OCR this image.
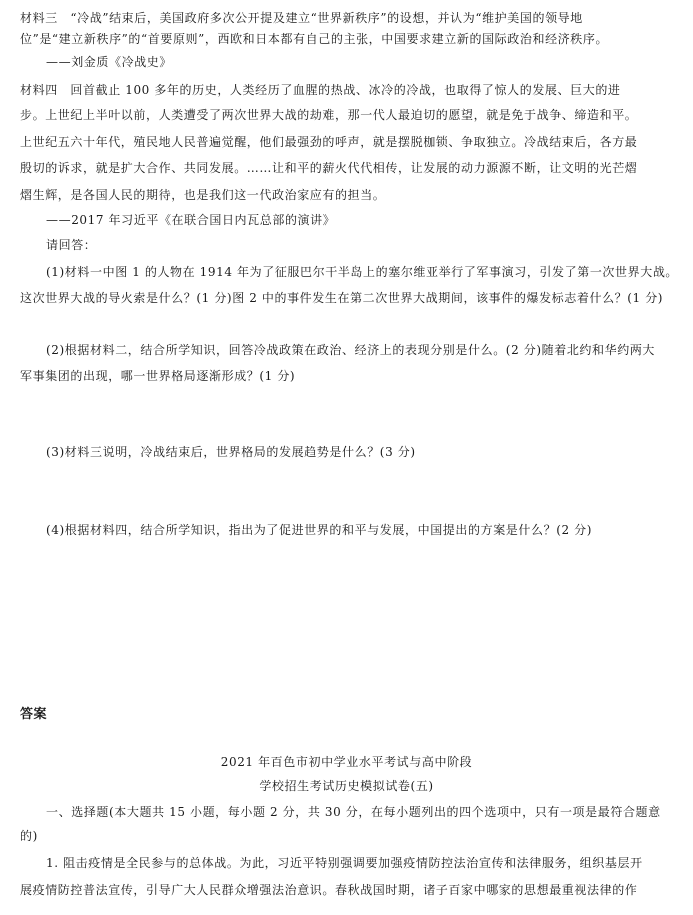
材料三　“冷战”结束后，美国政府多次公开提及建立“世界新秩序”的设想，并认为“维护美国的领导地
位”是“建立新秩序”的“首要原则”，西欧和日本都有自己的主张，中国要求建立新的国际政治和经济秩序。
——刘金质《冷战史》
材料四　回首截止 100 多年的历史，人类经历了血腥的热战、冰冷的冷战，也取得了惊人的发展、巨大的进
步。上世纪上半叶以前，人类遭受了两次世界大战的劫难，那一代人最迫切的愿望，就是免于战争、缔造和平。
上世纪五六十年代，殖民地人民普遍觉醒，他们最强劲的呼声，就是摆脱枷锁、争取独立。冷战结束后，各方最
殷切的诉求，就是扩大合作、共同发展。……让和平的薪火代代相传，让发展的动力源源不断，让文明的光芒熠
熠生辉，是各国人民的期待，也是我们这一代政治家应有的担当。
——2017 年习近平《在联合国日内瓦总部的演讲》
请回答：
(1)材料一中图 1 的人物在 1914 年为了征服巴尔干半岛上的塞尔维亚举行了军事演习，引发了第一次世界大战。
这次世界大战的导火索是什么？(1 分)图 2 中的事件发生在第二次世界大战期间，该事件的爆发标志着什么？(1 分)
(2)根据材料二，结合所学知识，回答冷战政策在政治、经济上的表现分别是什么。(2 分)随着北约和华约两大
军事集团的出现，哪一世界格局逐渐形成？(1 分)
(3)材料三说明，冷战结束后，世界格局的发展趋势是什么？(3 分)
(4)根据材料四，结合所学知识，指出为了促进世界的和平与发展，中国提出的方案是什么？(2 分)
答案
2021 年百色市初中学业水平考试与高中阶段
学校招生考试历史模拟试卷(五)
一、选择题(本大题共 15 小题，每小题 2 分，共 30 分，在每小题列出的四个选项中，只有一项是最符合题意
的)
1. 阻击疫情是全民参与的总体战。为此，习近平特别强调要加强疫情防控法治宣传和法律服务，组织基层开
展疫情防控普法宣传，引导广大人民群众增强法治意识。春秋战国时期，诸子百家中哪家的思想最重视法律的作
